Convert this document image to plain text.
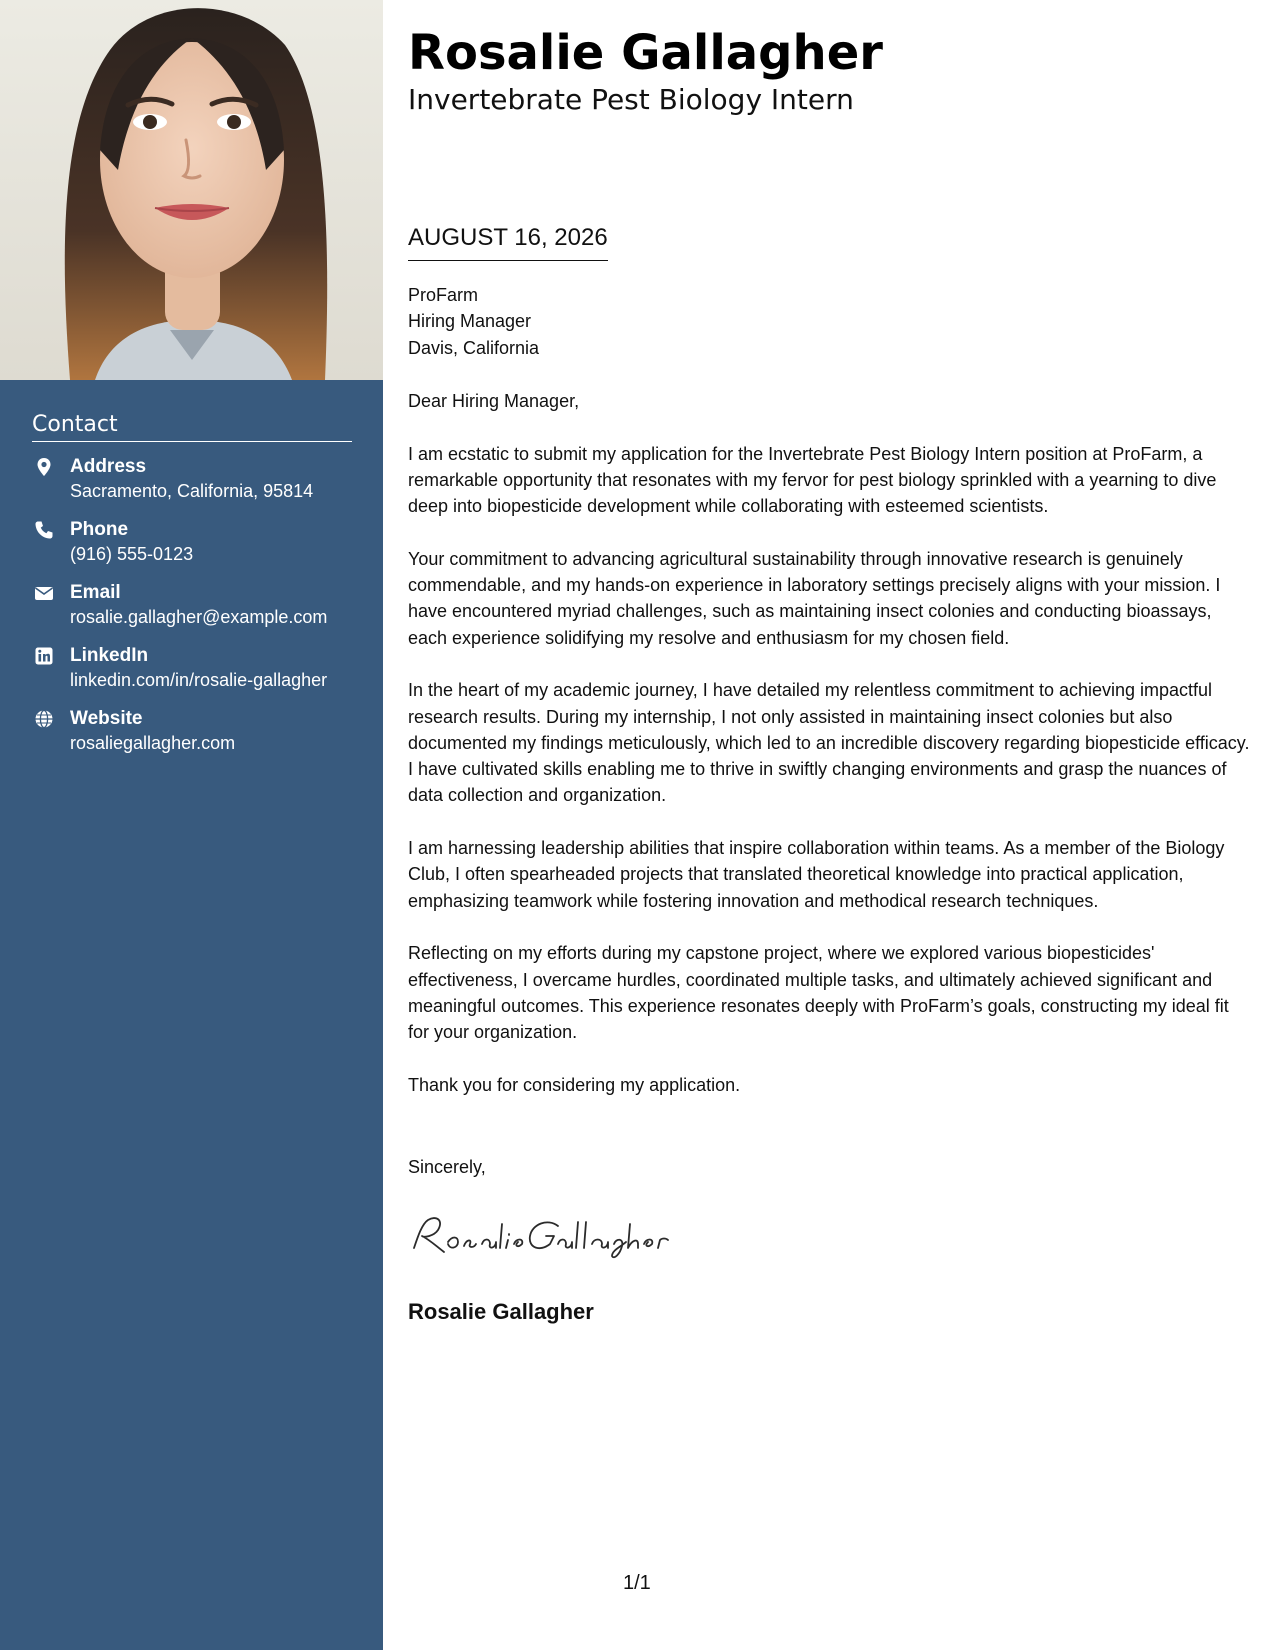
Contact
Address
Sacramento, California, 95814
Phone
(916) 555-0123
Email
rosalie.gallagher@example.com
LinkedIn
linkedin.com/in/rosalie-gallagher
Website
rosaliegallagher.com
Rosalie Gallagher
Invertebrate Pest Biology Intern
AUGUST 16, 2026
ProFarm
Hiring Manager
Davis, California

Dear Hiring Manager,

I am ecstatic to submit my application for the Invertebrate Pest Biology Intern position at ProFarm, a remarkable opportunity that resonates with my fervor for pest biology sprinkled with a yearning to dive deep into biopesticide development while collaborating with esteemed scientists.

Your commitment to advancing agricultural sustainability through innovative research is genuinely commendable, and my hands-on experience in laboratory settings precisely aligns with your mission. I have encountered myriad challenges, such as maintaining insect colonies and conducting bioassays, each experience solidifying my resolve and enthusiasm for my chosen field.

In the heart of my academic journey, I have detailed my relentless commitment to achieving impactful research results. During my internship, I not only assisted in maintaining insect colonies but also documented my findings meticulously, which led to an incredible discovery regarding biopesticide efficacy. I have cultivated skills enabling me to thrive in swiftly changing environments and grasp the nuances of data collection and organization.

I am harnessing leadership abilities that inspire collaboration within teams. As a member of the Biology Club, I often spearheaded projects that translated theoretical knowledge into practical application, emphasizing teamwork while fostering innovation and methodical research techniques.

Reflecting on my efforts during my capstone project, where we explored various biopesticides' effectiveness, I overcame hurdles, coordinated multiple tasks, and ultimately achieved significant and meaningful outcomes. This experience resonates deeply with ProFarm’s goals, constructing my ideal fit for your organization.

Thank you for considering my application.

Sincerely,
Rosalie Gallagher
1/1
